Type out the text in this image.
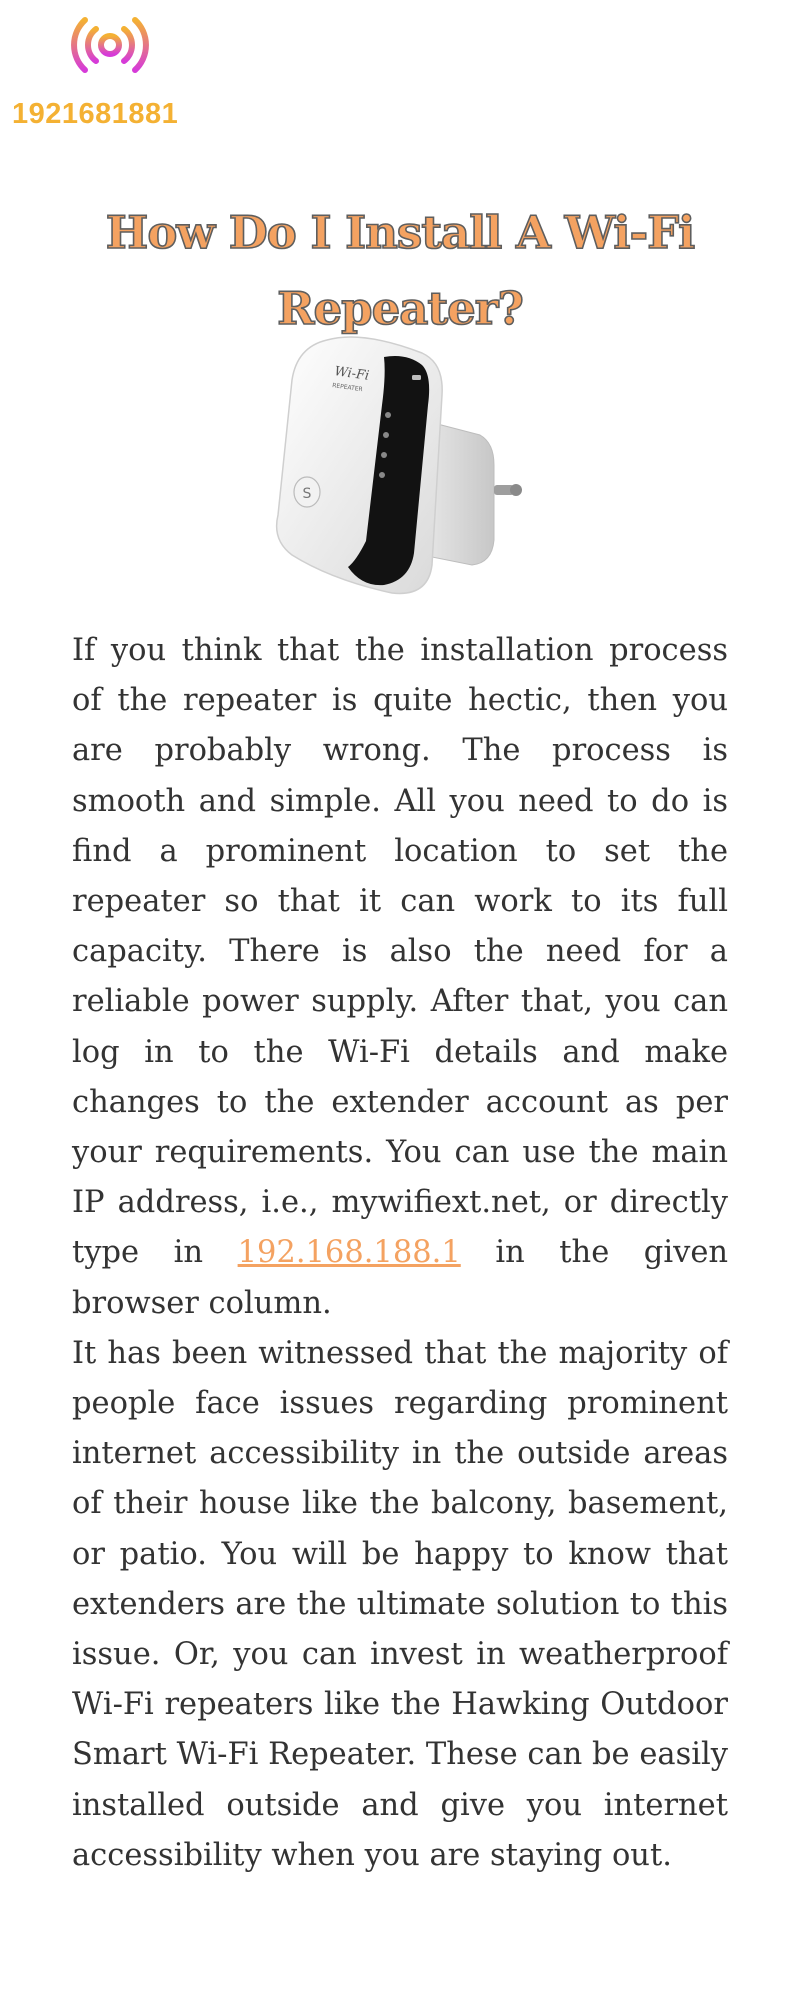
1921681881
How Do I Install A Wi-Fi Repeater?
S
Wi-Fi
REPEATER

If you think that the installation process of the repeater is quite hectic, then you are probably wrong. The process is smooth and simple. All you need to do is find a prominent location to set the repeater so that it can work to its full capacity. There is also the need for a reliable power supply. After that, you can log in to the Wi-Fi details and make changes to the extender account as per your requirements. You can use the main IP address, i.e., mywifiext.net, or directly type in 192.168.188.1 in the given browser column.

It has been witnessed that the majority of people face issues regarding prominent internet accessibility in the outside areas of their house like the balcony, basement, or patio. You will be happy to know that extenders are the ultimate solution to this issue. Or, you can invest in weatherproof Wi-Fi repeaters like the Hawking Outdoor Smart Wi-Fi Repeater. These can be easily installed outside and give you internet accessibility when you are staying out.
